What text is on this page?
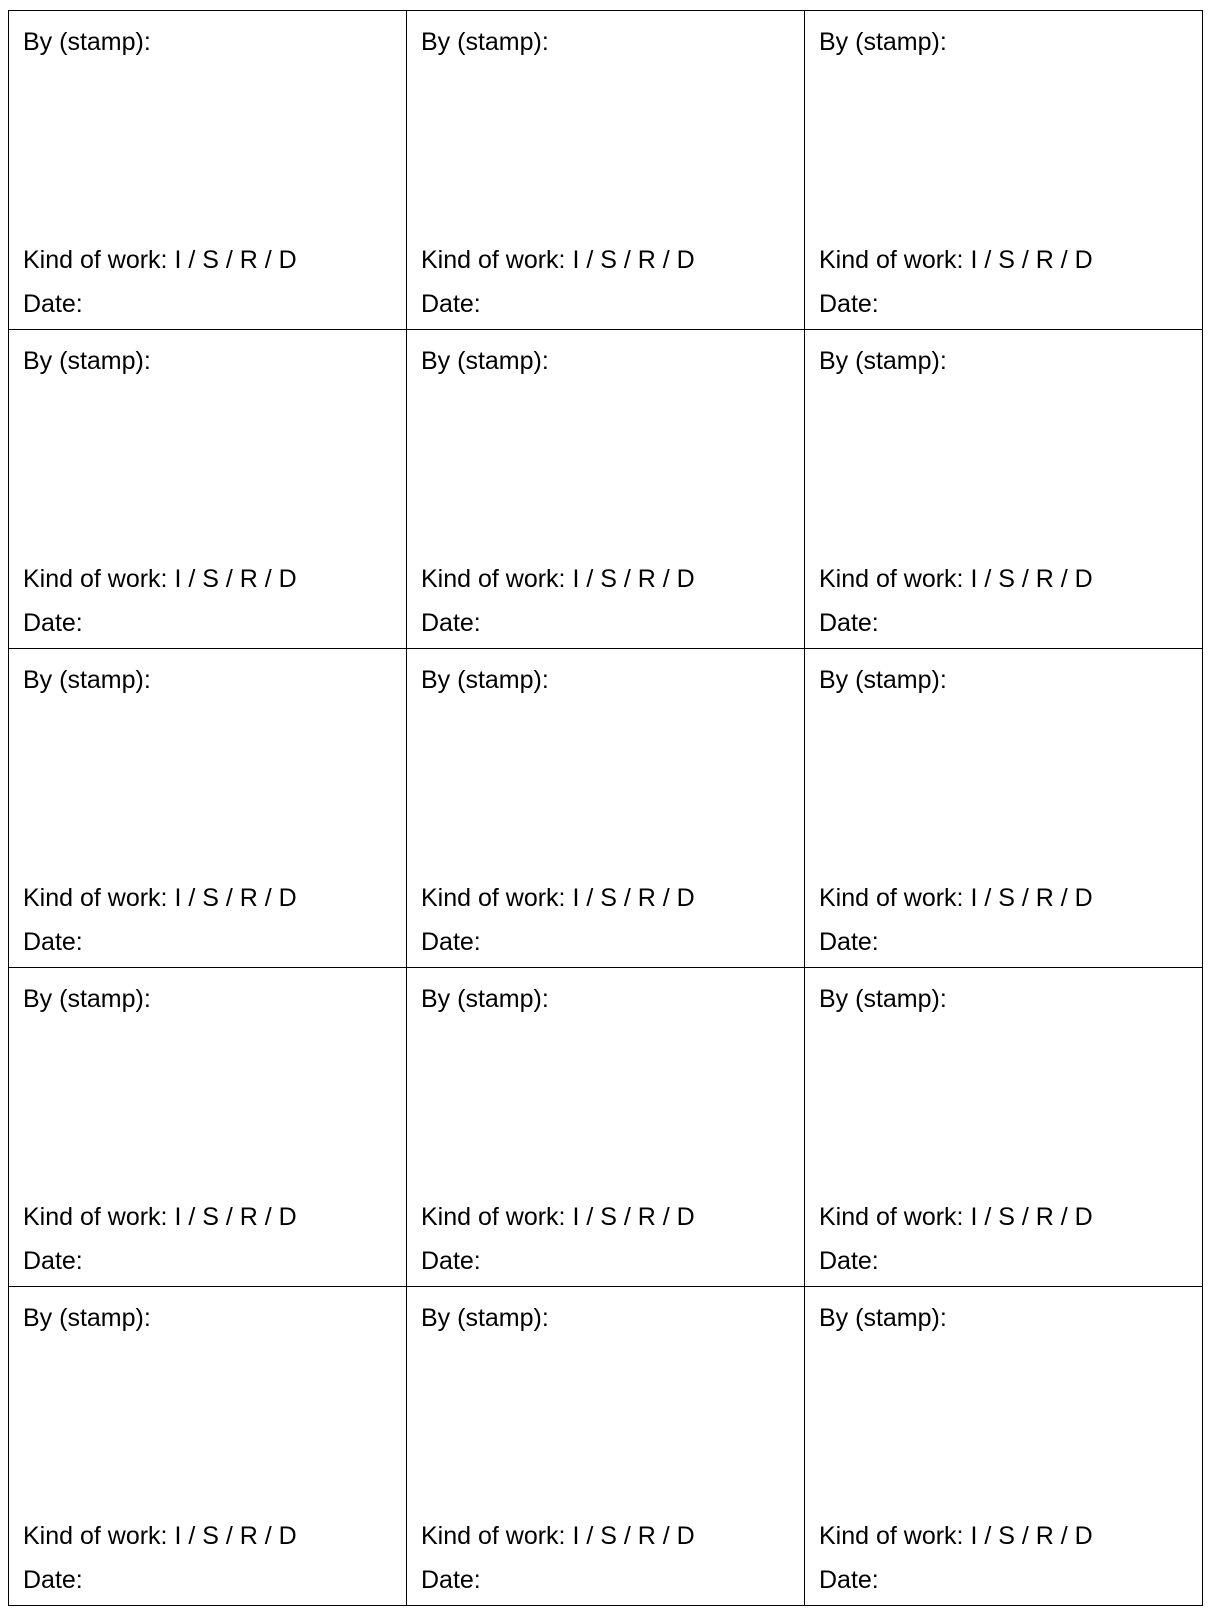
By (stamp):
Kind of work: I / S / R / D
Date:	By (stamp):
Kind of work: I / S / R / D
Date:	By (stamp):
Kind of work: I / S / R / D
Date:

By (stamp):
Kind of work: I / S / R / D
Date:	By (stamp):
Kind of work: I / S / R / D
Date:	By (stamp):
Kind of work: I / S / R / D
Date:

By (stamp):
Kind of work: I / S / R / D
Date:	By (stamp):
Kind of work: I / S / R / D
Date:	By (stamp):
Kind of work: I / S / R / D
Date:

By (stamp):
Kind of work: I / S / R / D
Date:	By (stamp):
Kind of work: I / S / R / D
Date:	By (stamp):
Kind of work: I / S / R / D
Date:

By (stamp):
Kind of work: I / S / R / D
Date:	By (stamp):
Kind of work: I / S / R / D
Date:	By (stamp):
Kind of work: I / S / R / D
Date:
